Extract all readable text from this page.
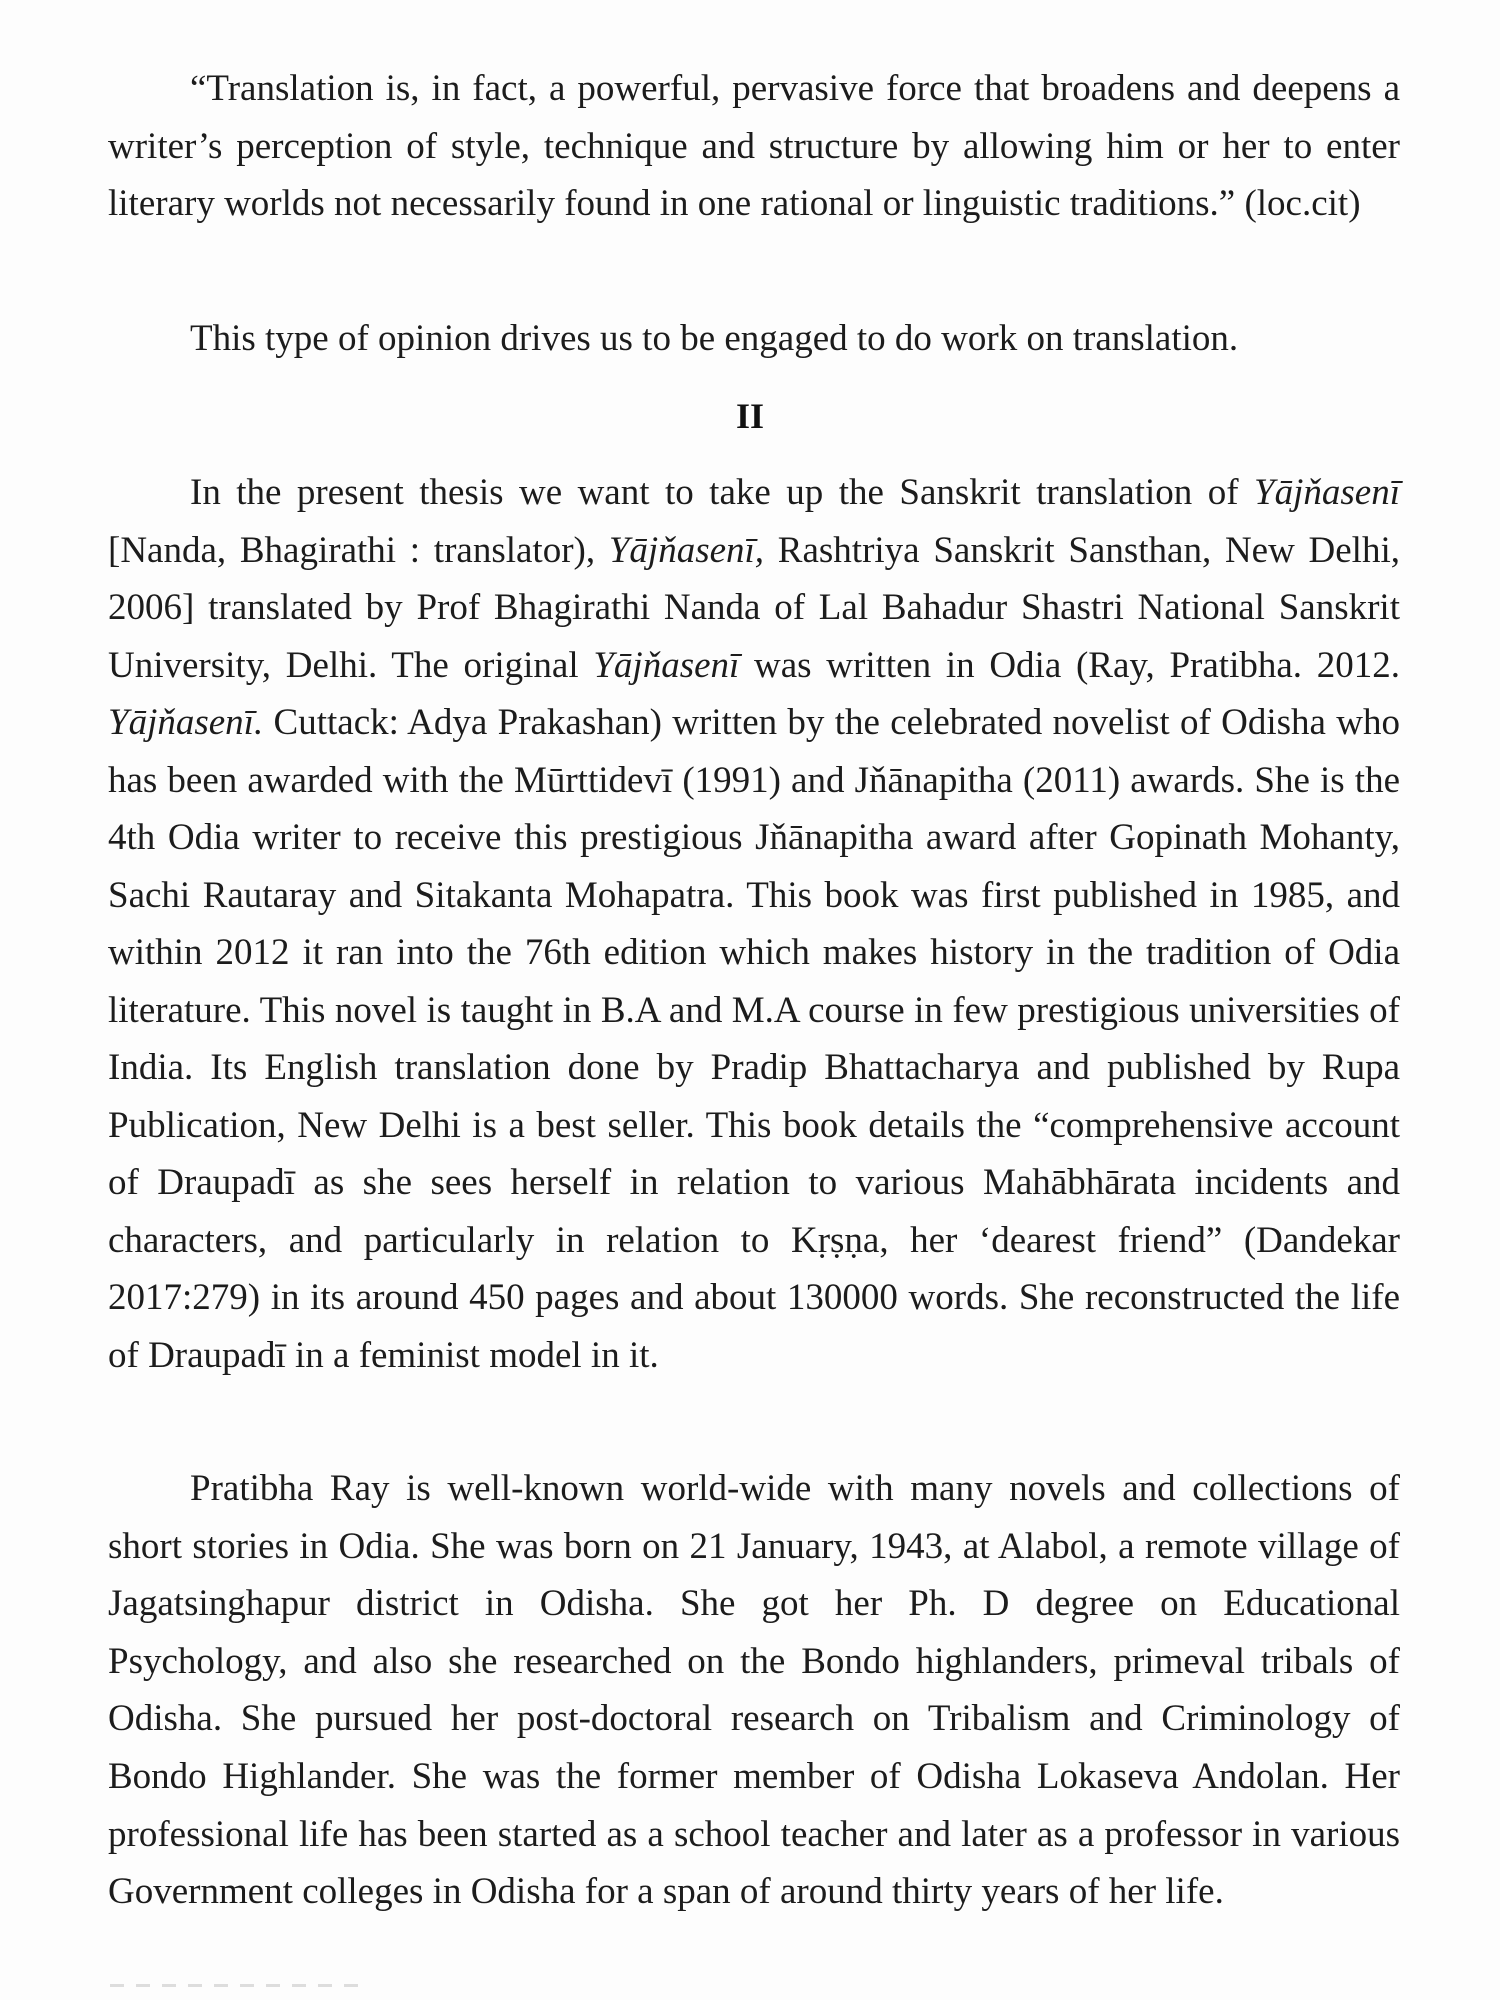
“Translation is, in fact, a powerful, pervasive force that broadens and deepens a writer’s perception of style, technique and structure by allowing him or her to enter literary worlds not necessarily found in one rational or linguistic traditions.” (loc.cit)

This type of opinion drives us to be engaged to do work on translation.

II

In the present thesis we want to take up the Sanskrit translation of Yājňasenī [Nanda, Bhagirathi : translator), Yājňasenī, Rashtriya Sanskrit Sansthan, New Delhi, 2006] translated by Prof Bhagirathi Nanda of Lal Bahadur Shastri National Sanskrit University, Delhi. The original Yājňasenī was written in Odia (Ray, Pratibha. 2012. Yājňasenī. Cuttack: Adya Prakashan) written by the celebrated novelist of Odisha who has been awarded with the Mūrttidevī (1991) and Jňānapitha (2011) awards. She is the 4th Odia writer to receive this prestigious Jňānapitha award after Gopinath Mohanty, Sachi Rautaray and Sitakanta Mohapatra. This book was first published in 1985, and within 2012 it ran into the 76th edition which makes history in the tradition of Odia literature. This novel is taught in B.A and M.A course in few prestigious universities of India. Its English translation done by Pradip Bhattacharya and published by Rupa Publication, New Delhi is a best seller. This book details the “comprehensive account of Draupadī as she sees herself in relation to various Mahābhārata incidents and characters, and particularly in relation to Kṛṣṇa, her ‘dearest friend” (Dandekar 2017:279) in its around 450 pages and about 130000 words. She reconstructed the life of Draupadī in a feminist model in it.

Pratibha Ray is well-known world-wide with many novels and collections of short stories in Odia. She was born on 21 January, 1943, at Alabol, a remote village of Jagatsinghapur district in Odisha. She got her Ph. D degree on Educational Psychology, and also she researched on the Bondo highlanders, primeval tribals of Odisha. She pursued her post-doctoral research on Tribalism and Criminology of Bondo Highlander. She was the former member of Odisha Lokaseva Andolan. Her professional life has been started as a school teacher and later as a professor in various Government colleges in Odisha for a span of around thirty years of her life.
